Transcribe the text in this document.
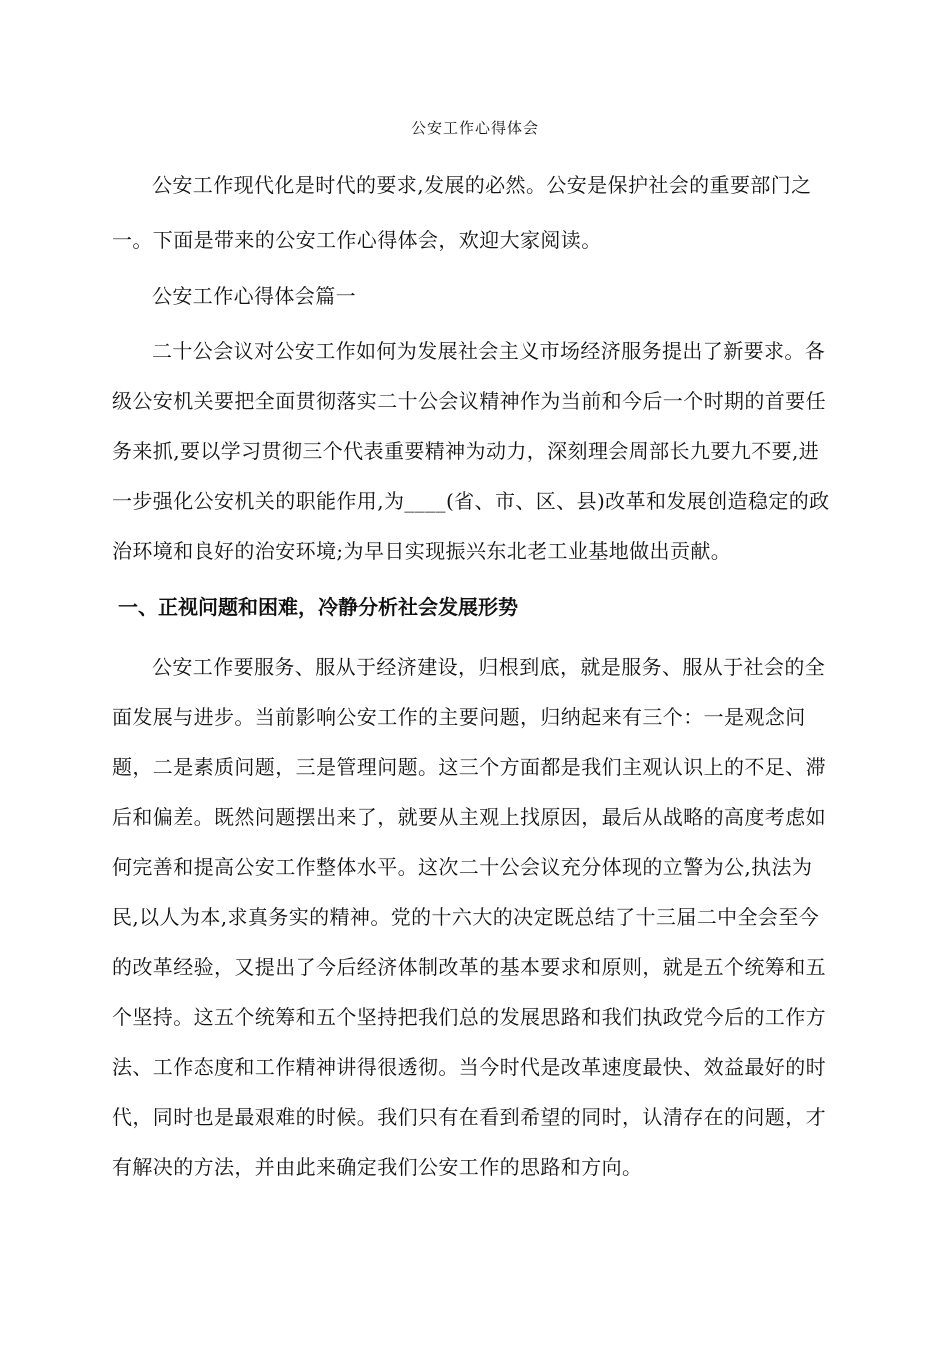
公安工作心得体会
公安工作现代化是时代的要求,发展的必然。公安是保护社会的重要部门之
一。下面是带来的公安工作心得体会，欢迎大家阅读。
公安工作心得体会篇一
二十公会议对公安工作如何为发展社会主义市场经济服务提出了新要求。各
级公安机关要把全面贯彻落实二十公会议精神作为当前和今后一个时期的首要任
务来抓,要以学习贯彻三个代表重要精神为动力，深刻理会周部长九要九不要,进
一步强化公安机关的职能作用,为____(省、市、区、县)改革和发展创造稳定的政
治环境和良好的治安环境;为早日实现振兴东北老工业基地做出贡献。
一、正视问题和困难，冷静分析社会发展形势
公安工作要服务、服从于经济建设，归根到底，就是服务、服从于社会的全
面发展与进步。当前影响公安工作的主要问题，归纳起来有三个：一是观念问
题，二是素质问题，三是管理问题。这三个方面都是我们主观认识上的不足、滞
后和偏差。既然问题摆出来了，就要从主观上找原因，最后从战略的高度考虑如
何完善和提高公安工作整体水平。这次二十公会议充分体现的立警为公,执法为
民,以人为本,求真务实的精神。党的十六大的决定既总结了十三届二中全会至今
的改革经验，又提出了今后经济体制改革的基本要求和原则，就是五个统筹和五
个坚持。这五个统筹和五个坚持把我们总的发展思路和我们执政党今后的工作方
法、工作态度和工作精神讲得很透彻。当今时代是改革速度最快、效益最好的时
代，同时也是最艰难的时候。我们只有在看到希望的同时，认清存在的问题，才
有解决的方法，并由此来确定我们公安工作的思路和方向。
